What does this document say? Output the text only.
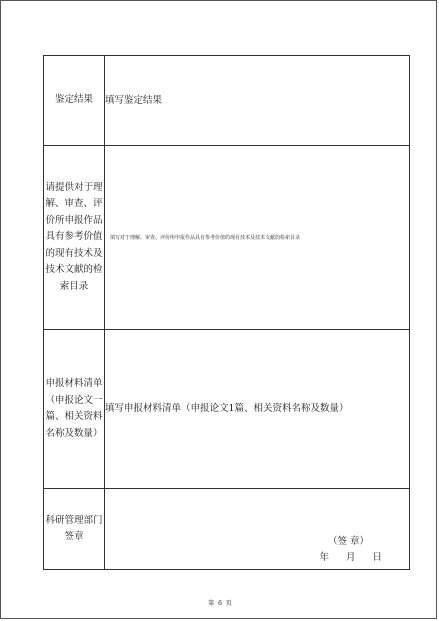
鉴定结果	填写鉴定结果
请提供对于理解、审查、评价所申报作品具有参考价值的现有技术及技术文献的检索目录	填写对于理解、审查、评价所申报作品具有参考价值的现有技术及技术文献的检索目录
申报材料清单（申报论文一篇、相关资料名称及数量）	填写申报材料清单（申报论文1篇、相关资料名称及数量）
科研管理部门签章	（签 章）
年 月 日
第 6 页
